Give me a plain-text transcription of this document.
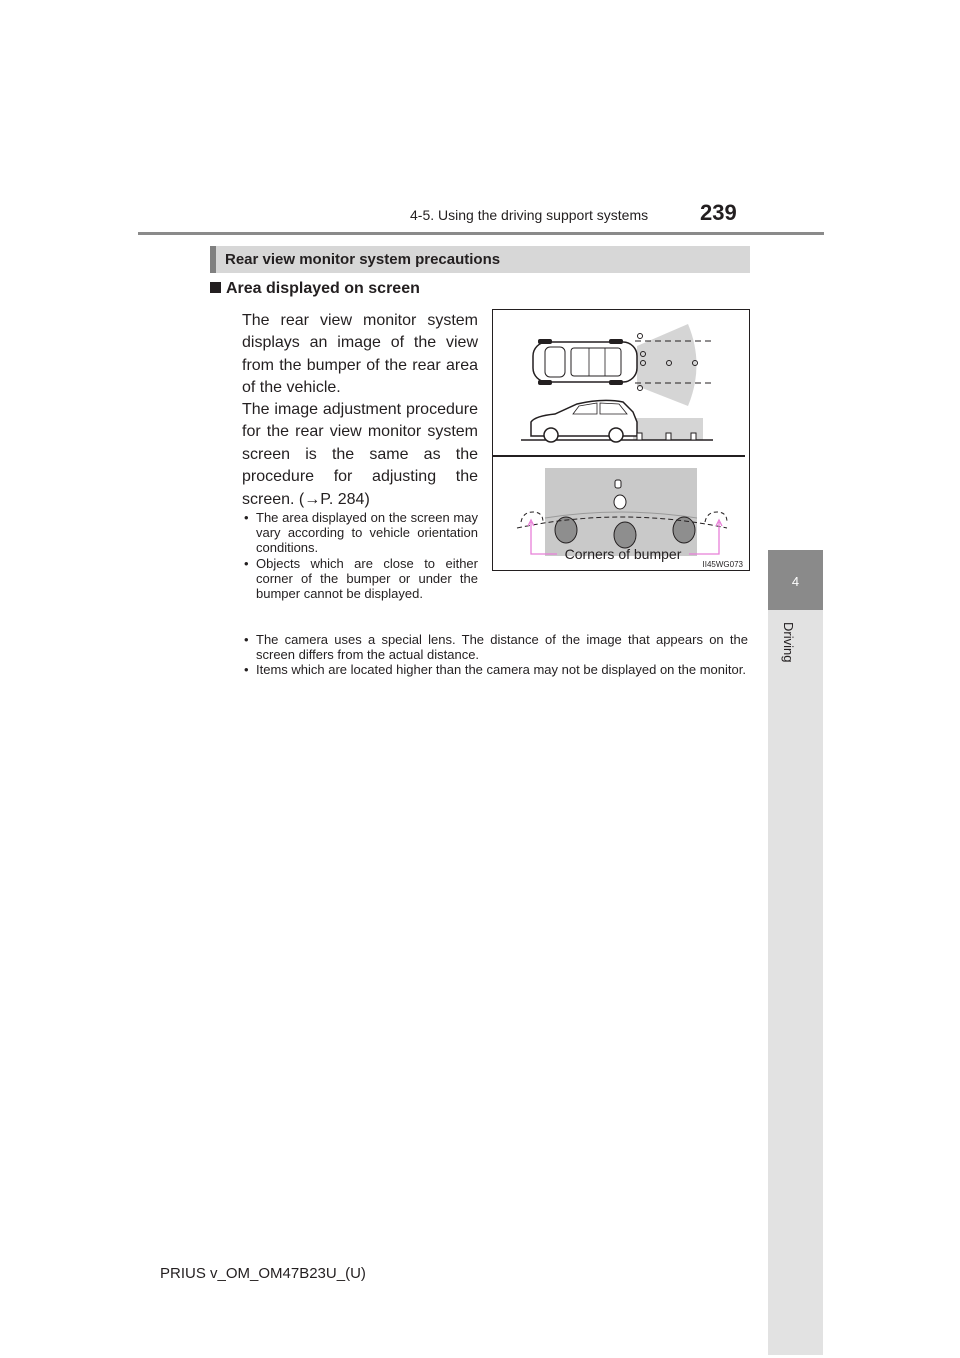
4-5. Using the driving support systems 239
4
Driving
Rear view monitor system precautions
Area displayed on screen
The rear view monitor system displays an image of the view from the bumper of the rear area of the vehicle.
The image adjustment procedure for the rear view monitor system screen is the same as the procedure for adjusting the screen. (→P. 284)
• The area displayed on the screen may vary according to vehicle orientation conditions.
• Objects which are close to either corner of the bumper or under the bumper cannot be displayed.
• The camera uses a special lens. The distance of the image that appears on the screen differs from the actual distance.
• Items which are located higher than the camera may not be displayed on the monitor.
Corners of bumper
II45WG073
PRIUS v_OM_OM47B23U_(U)
